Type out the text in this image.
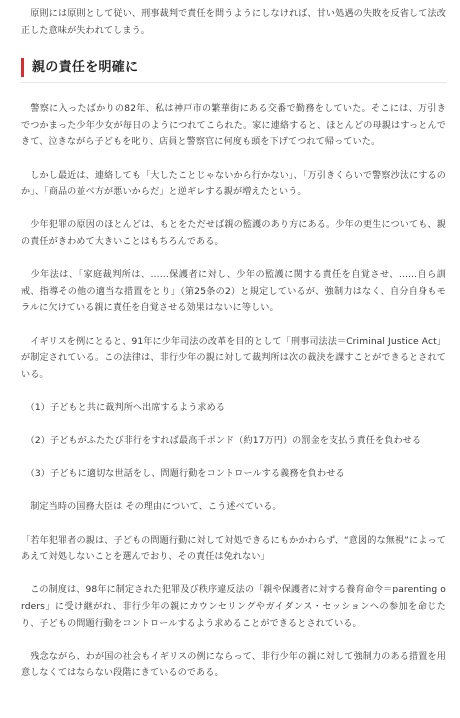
　原則には原則として従い、刑事裁判で責任を問うようにしなければ、甘い処遇の失敗を反省して法改正した意味が失われてしまう。

親の責任を明確に

　警察に入ったばかりの82年、私は神戸市の繁華街にある交番で勤務をしていた。そこには、万引きでつかまった少年少女が毎日のようにつれてこられた。家に連絡すると、ほとんどの母親はすっとんできて、泣きながら子どもを叱り、店員と警察官に何度も頭を下げてつれて帰っていた。

　しかし最近は、連絡しても「大したことじゃないから行かない」、「万引きくらいで警察沙汰にするのか」、「商品の並べ方が悪いからだ」と逆ギレする親が増えたという。

　少年犯罪の原因のほとんどは、もとをただせば親の監護のあり方にある。少年の更生についても、親の責任がきわめて大きいことはもちろんである。

　少年法は、「家庭裁判所は、……保護者に対し、少年の監護に関する責任を自覚させ、……自ら訓戒、指導その他の適当な措置をとり」（第25条の2）と規定しているが、強制力はなく、自分自身もモラルに欠けている親に責任を自覚させる効果はないに等しい。

　イギリスを例にとると、91年に少年司法の改革を目的として「刑事司法法＝Criminal Justice Act」が制定されている。この法律は、非行少年の親に対して裁判所は次の裁決を課すことができるとされている。

　（1）子どもと共に裁判所へ出席するよう求める

　（2）子どもがふたたび非行をすれば最高千ポンド（約17万円）の罰金を支払う責任を負わせる

　（3）子どもに適切な世話をし、問題行動をコントロールする義務を負わせる

　制定当時の国務大臣は その理由について、こう述べている。

「若年犯罪者の親は、子どもの問題行動に対して対処できるにもかかわらず、“意図的な無視”によってあえて対処しないことを選んでおり、その責任は免れない」

　この制度は、98年に制定された犯罪及び秩序違反法の「親や保護者に対する養育命令＝parenting orders」に受け継がれ、非行少年の親にカウンセリングやガイダンス・セッションへの参加を命じたり、子どもの問題行動をコントロールするよう求めることができるとされている。

　残念ながら、わが国の社会もイギリスの例にならって、非行少年の親に対して強制力のある措置を用意しなくてはならない段階にきているのである。
